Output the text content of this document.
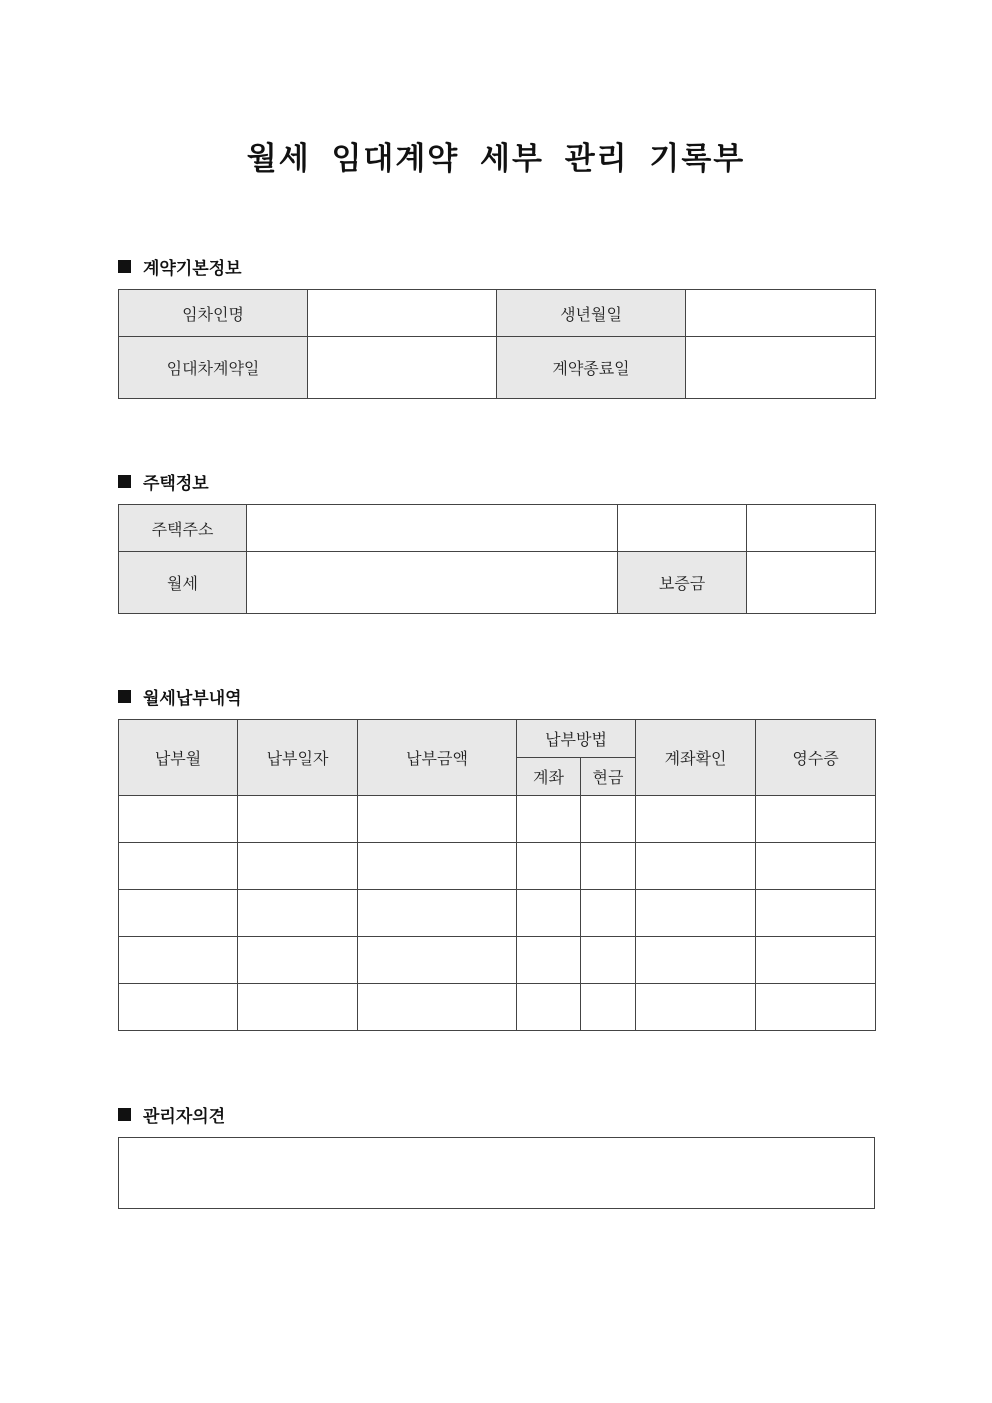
월세 임대계약 세부 관리 기록부
계약기본정보
임차인명		생년월일	
임대차계약일		계약종료일	
주택정보
주택주소			
월세		보증금	
월세납부내역
납부월	납부일자	납부금액	납부방법		계좌확인	영수증
			계좌	현금		

관리자의견
